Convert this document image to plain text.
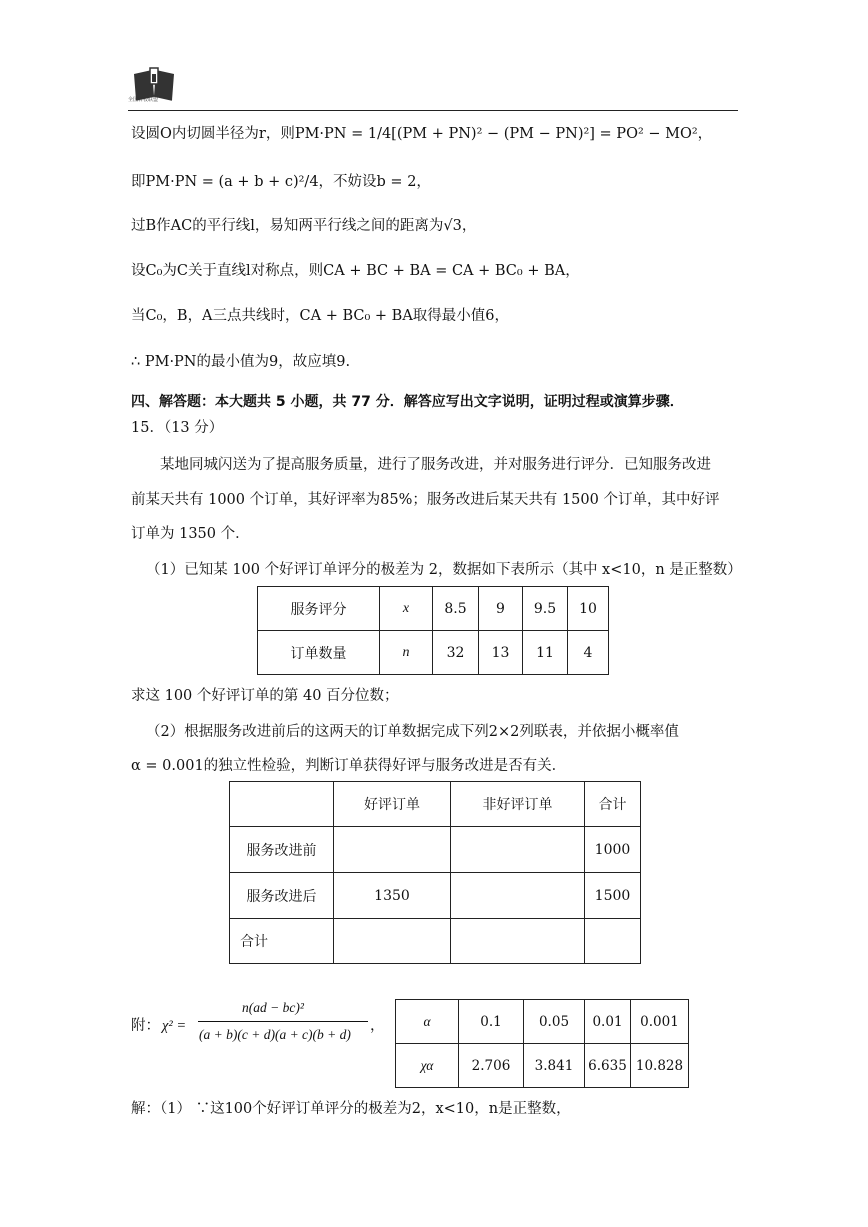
全国百校联盟
设圆O内切圆半径为r，则PM·PN = 1/4[(PM + PN)² − (PM − PN)²] = PO² − MO²，
即PM·PN = (a + b + c)²/4，不妨设b = 2，
过B作AC的平行线l，易知两平行线之间的距离为√3，
设C₀为C关于直线l对称点，则CA + BC + BA = CA + BC₀ + BA，
当C₀，B，A三点共线时，CA + BC₀ + BA取得最小值6，
∴ PM·PN的最小值为9，故应填9.
四、解答题：本大题共 5 小题，共 77 分．解答应写出文字说明，证明过程或演算步骤．
15．（13 分）
某地同城闪送为了提高服务质量，进行了服务改进，并对服务进行评分．已知服务改进
前某天共有 1000 个订单，其好评率为85%；服务改进后某天共有 1500 个订单，其中好评
订单为 1350 个．
（1）已知某 100 个好评订单评分的极差为 2，数据如下表所示（其中 x<10，n 是正整数）
服务评分	x	8.5	9	9.5	10
订单数量	n	32	13	11	4
求这 100 个好评订单的第 40 百分位数；
（2）根据服务改进前后的这两天的订单数据完成下列2×2列联表，并依据小概率值
α = 0.001的独立性检验，判断订单获得好评与服务改进是否有关．
	好评订单	非好评订单	合计
服务改进前			1000
服务改进后	1350		1500
合计			
附： χ² =
n(ad − bc)²
(a + b)(c + d)(a + c)(b + d)
，	α	0.1	0.05	0.01	0.001
χα	2.706	3.841	6.635	10.828
解：（1） ∵这100个好评订单评分的极差为2，x<10，n是正整数，
